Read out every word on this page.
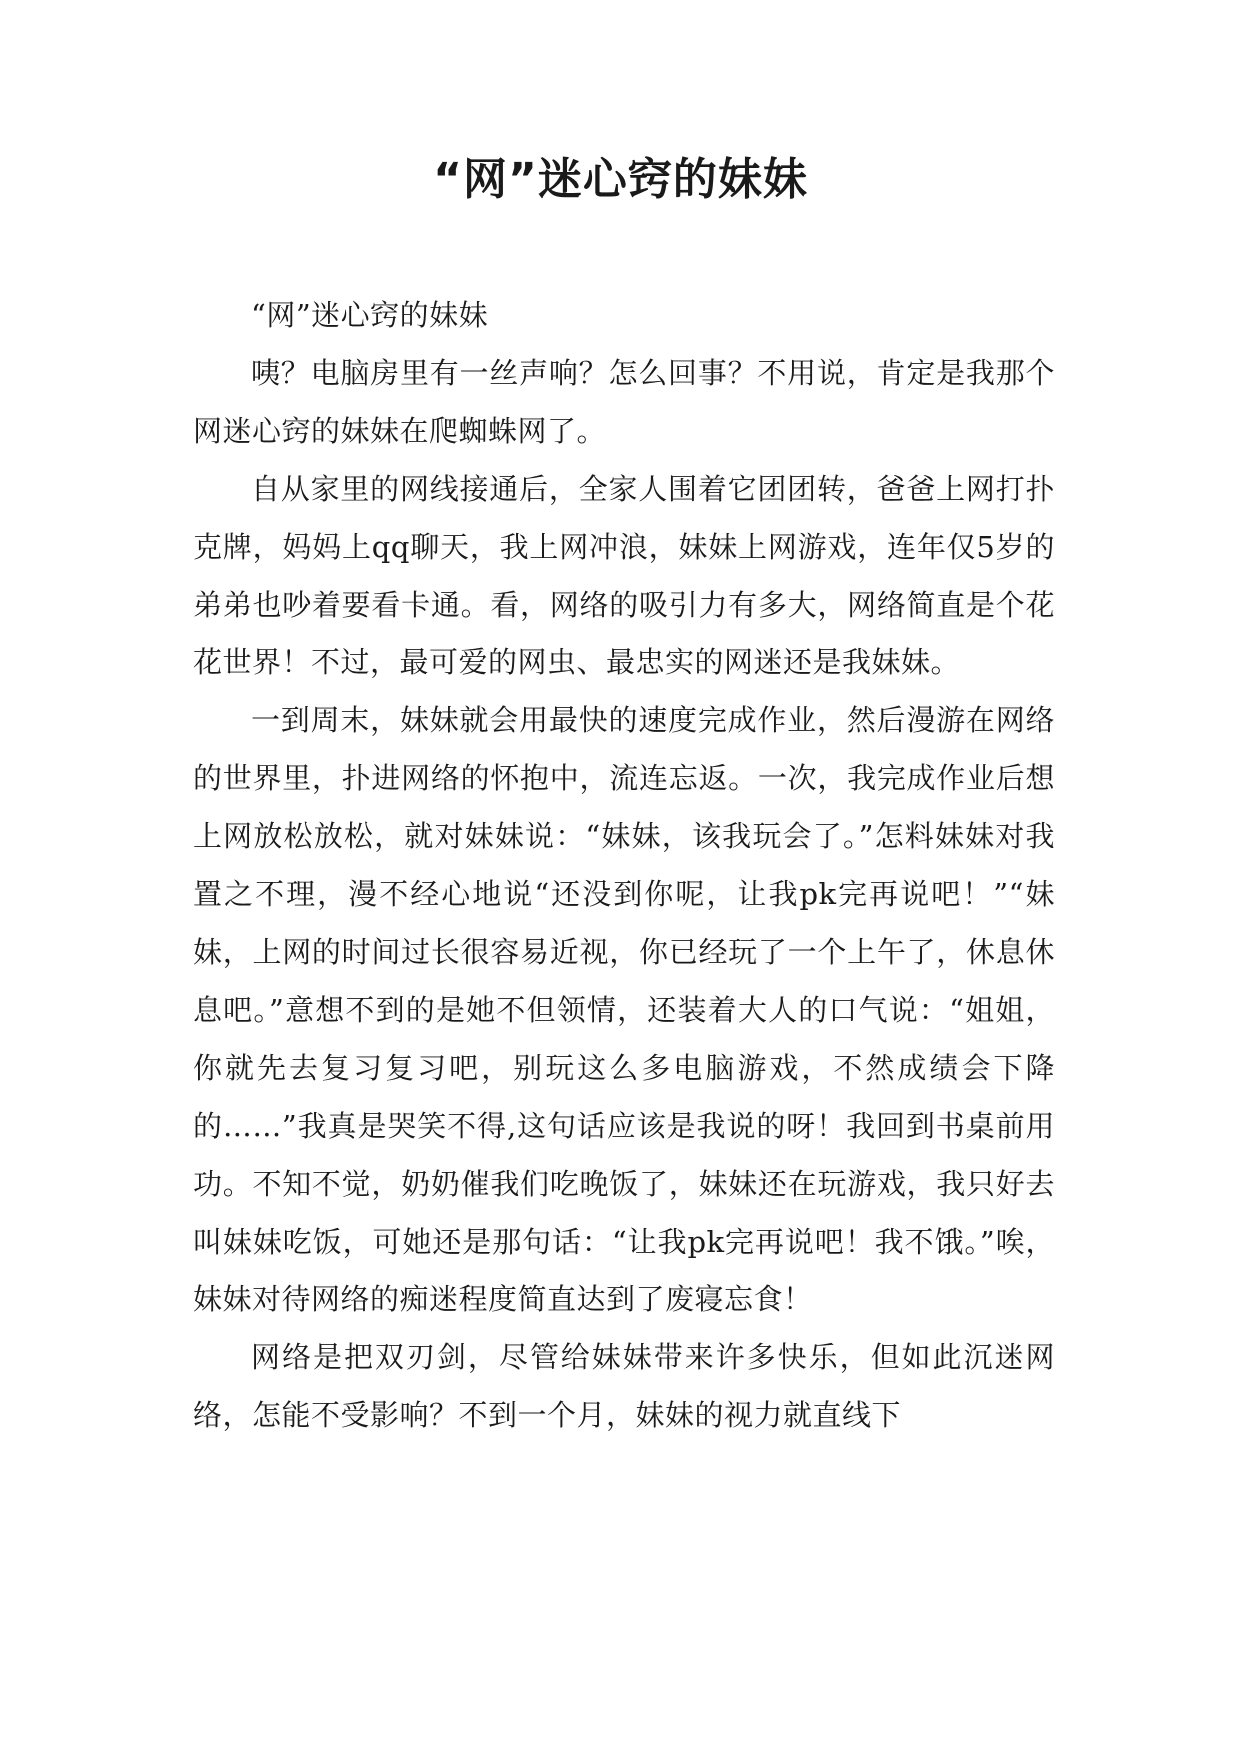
“网”迷心窍的妹妹

“网”迷心窍的妹妹

咦？电脑房里有一丝声响？怎么回事？不用说，肯定是我那个网迷心窍的妹妹在爬蜘蛛网了。

自从家里的网线接通后，全家人围着它团团转，爸爸上网打扑克牌，妈妈上qq聊天，我上网冲浪，妹妹上网游戏，连年仅5岁的弟弟也吵着要看卡通。看，网络的吸引力有多大，网络简直是个花花世界！不过，最可爱的网虫、最忠实的网迷还是我妹妹。

一到周末，妹妹就会用最快的速度完成作业，然后漫游在网络的世界里，扑进网络的怀抱中，流连忘返。一次，我完成作业后想上网放松放松，就对妹妹说：“妹妹，该我玩会了。”怎料妹妹对我置之不理，漫不经心地说“还没到你呢，让我pk完再说吧！”“妹妹，上网的时间过长很容易近视，你已经玩了一个上午了，休息休息吧。”意想不到的是她不但领情，还装着大人的口气说：“姐姐，你就先去复习复习吧，别玩这么多电脑游戏，不然成绩会下降的……”我真是哭笑不得,这句话应该是我说的呀！我回到书桌前用功。不知不觉，奶奶催我们吃晚饭了，妹妹还在玩游戏，我只好去叫妹妹吃饭，可她还是那句话：“让我pk完再说吧！我不饿。”唉，妹妹对待网络的痴迷程度简直达到了废寝忘食！

网络是把双刃剑，尽管给妹妹带来许多快乐，但如此沉迷网络，怎能不受影响？不到一个月，妹妹的视力就直线下
